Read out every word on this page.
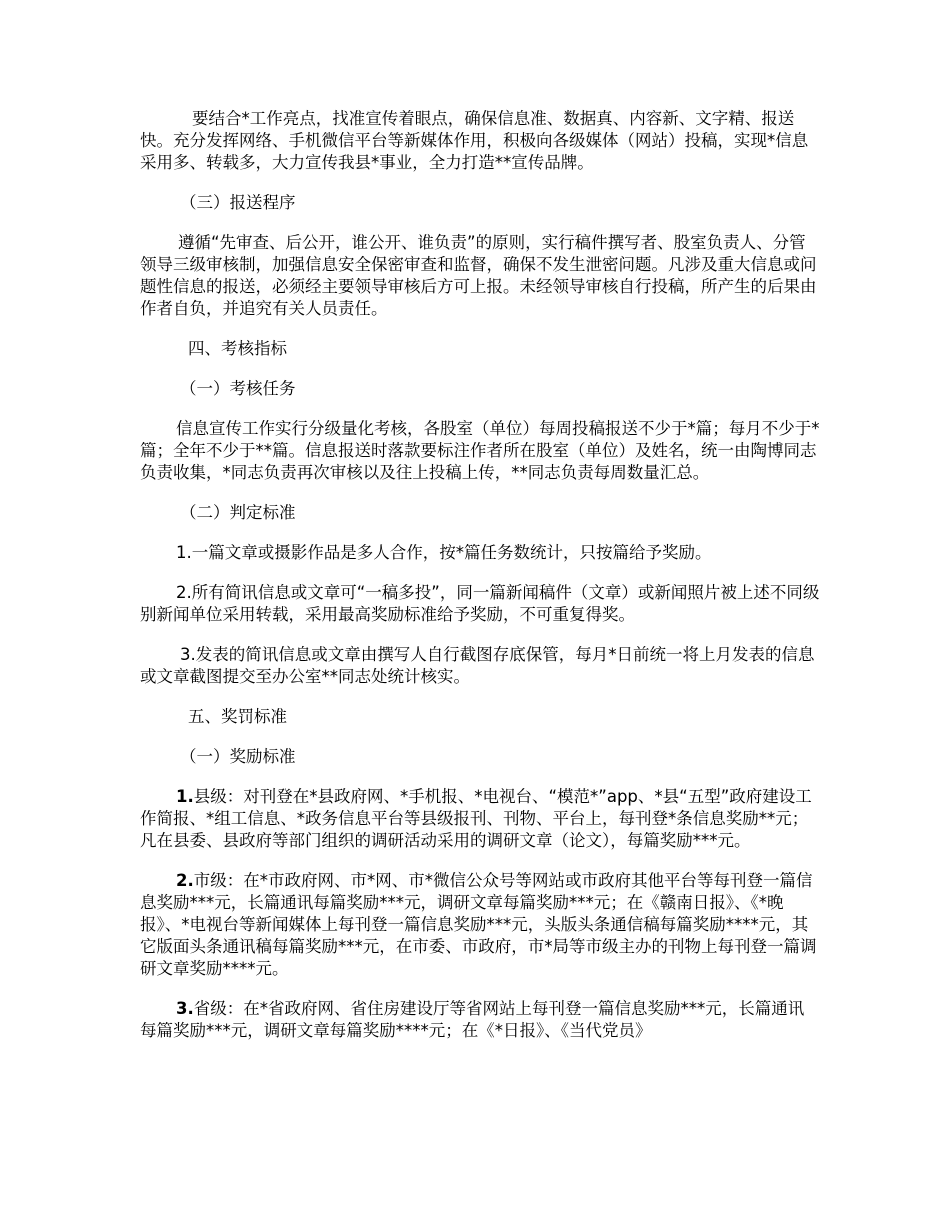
要结合*工作亮点，找准宣传着眼点，确保信息准、数据真、内容新、文字精、报送快。充分发挥网络、手机微信平台等新媒体作用，积极向各级媒体（网站）投稿，实现*信息采用多、转载多，大力宣传我县*事业，全力打造**宣传品牌。

（三）报送程序

遵循“先审查、后公开，谁公开、谁负责”的原则，实行稿件撰写者、股室负责人、分管领导三级审核制，加强信息安全保密审查和监督，确保不发生泄密问题。凡涉及重大信息或问题性信息的报送，必须经主要领导审核后方可上报。未经领导审核自行投稿，所产生的后果由作者自负，并追究有关人员责任。

四、考核指标

（一）考核任务

信息宣传工作实行分级量化考核，各股室（单位）每周投稿报送不少于*篇；每月不少于*篇；全年不少于**篇。信息报送时落款要标注作者所在股室（单位）及姓名，统一由陶博同志负责收集，*同志负责再次审核以及往上投稿上传，**同志负责每周数量汇总。

（二）判定标准

1.一篇文章或摄影作品是多人合作，按*篇任务数统计，只按篇给予奖励。

2.所有简讯信息或文章可“一稿多投”，同一篇新闻稿件（文章）或新闻照片被上述不同级别新闻单位采用转载，采用最高奖励标准给予奖励，不可重复得奖。

3.发表的简讯信息或文章由撰写人自行截图存底保管，每月*日前统一将上月发表的信息或文章截图提交至办公室**同志处统计核实。

五、奖罚标准

（一）奖励标准

1.县级：对刊登在*县政府网、*手机报、*电视台、“模范*”app、*县“五型”政府建设工作简报、*组工信息、*政务信息平台等县级报刊、刊物、平台上，每刊登*条信息奖励**元；凡在县委、县政府等部门组织的调研活动采用的调研文章（论文），每篇奖励***元。

2.市级：在*市政府网、市*网、市*微信公众号等网站或市政府其他平台等每刊登一篇信息奖励***元，长篇通讯每篇奖励***元，调研文章每篇奖励***元；在《赣南日报》、《*晚报》、*电视台等新闻媒体上每刊登一篇信息奖励***元，头版头条通信稿每篇奖励****元，其它版面头条通讯稿每篇奖励***元，在市委、市政府，市*局等市级主办的刊物上每刊登一篇调研文章奖励****元。

3.省级：在*省政府网、省住房建设厅等省网站上每刊登一篇信息奖励***元，长篇通讯每篇奖励***元，调研文章每篇奖励****元；在《*日报》、《当代党员》
